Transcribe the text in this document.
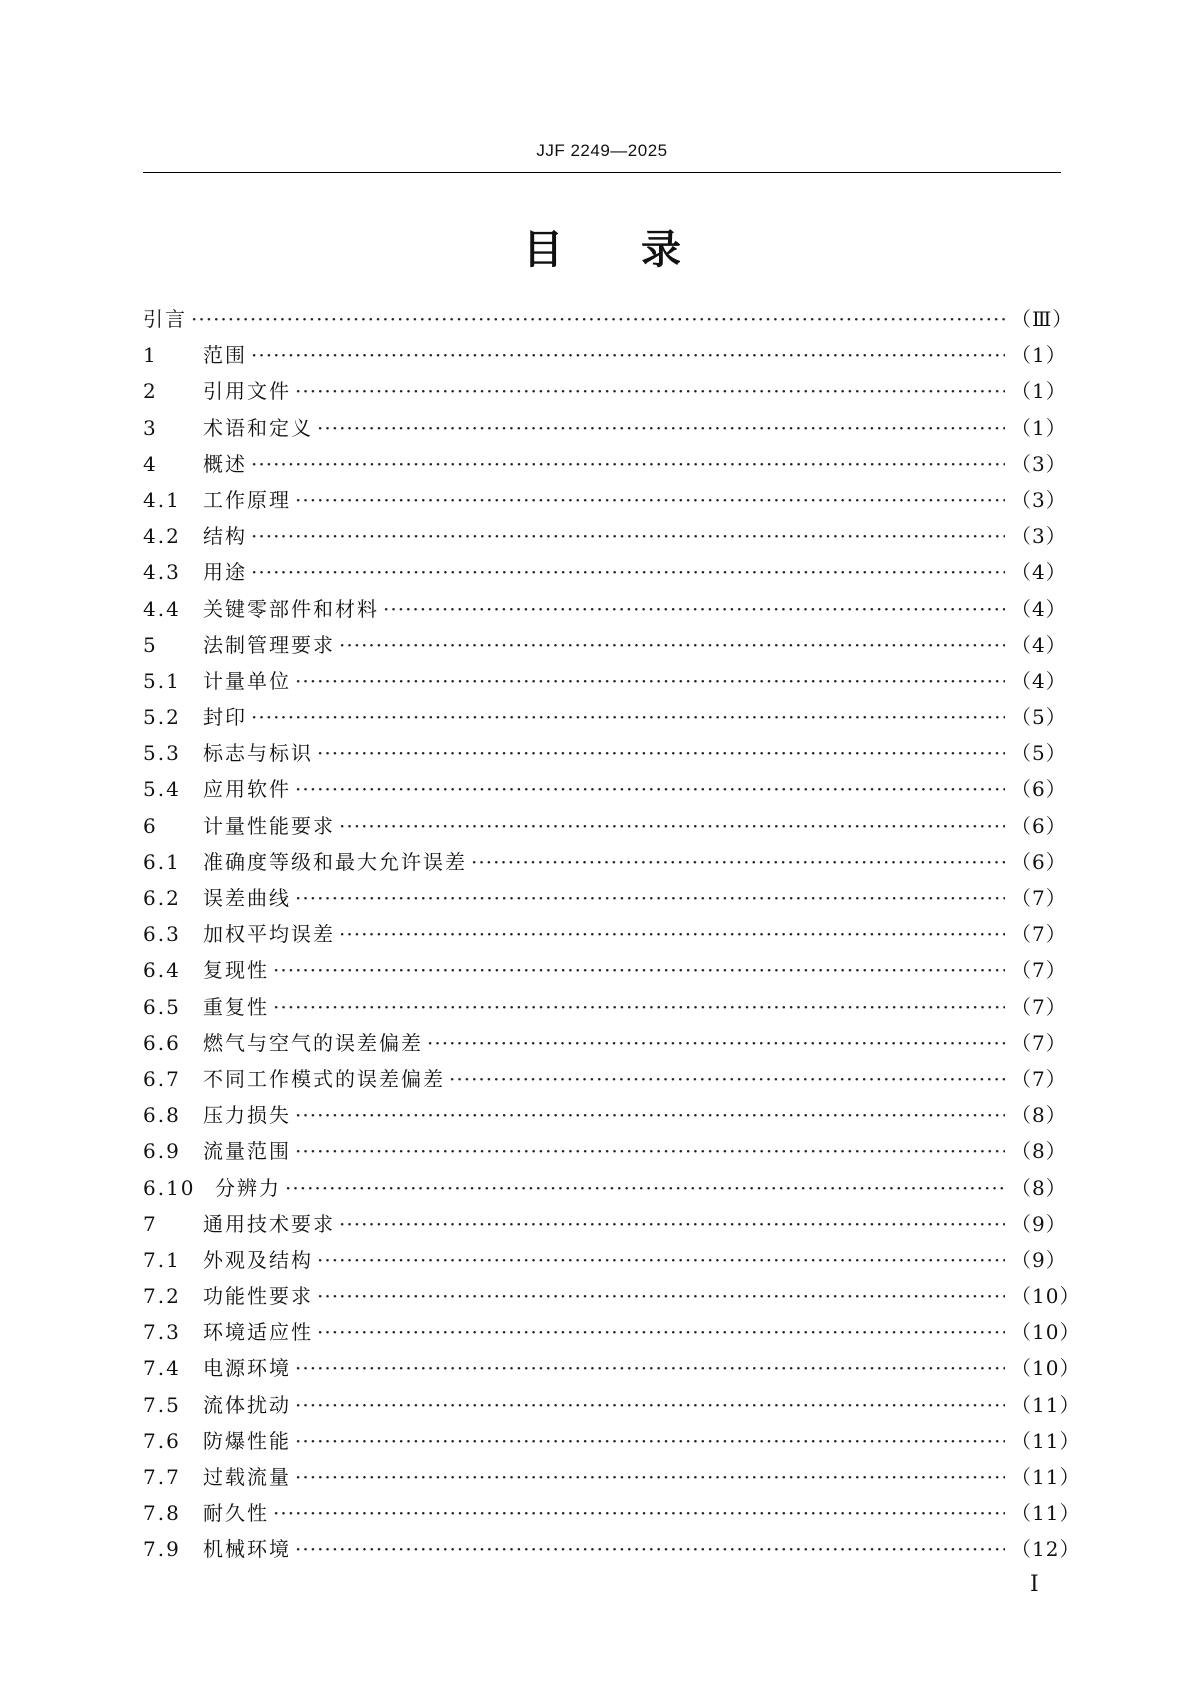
JJF 2249—2025
目 录
引言 ·····	（Ⅲ）
1	范围 ·····	（1）
2	引用文件 ·····	（1）
3	术语和定义 ·····	（1）
4	概述 ·····	（3）
4.1	工作原理 ·····	（3）
4.2	结构 ·····	（3）
4.3	用途 ·····	（4）
4.4	关键零部件和材料 ·····	（4）
5	法制管理要求 ·····	（4）
5.1	计量单位 ·····	（4）
5.2	封印 ·····	（5）
5.3	标志与标识 ·····	（5）
5.4	应用软件 ·····	（6）
6	计量性能要求 ·····	（6）
6.1	准确度等级和最大允许误差 ·····	（6）
6.2	误差曲线 ·····	（7）
6.3	加权平均误差 ·····	（7）
6.4	复现性 ·····	（7）
6.5	重复性 ·····	（7）
6.6	燃气与空气的误差偏差 ·····	（7）
6.7	不同工作模式的误差偏差 ·····	（7）
6.8	压力损失 ·····	（8）
6.9	流量范围 ·····	（8）
6.10 分辨力 ·····	（8）
7	通用技术要求 ·····	（9）
7.1	外观及结构 ·····	（9）
7.2	功能性要求 ·····	（10）
7.3	环境适应性 ·····	（10）
7.4	电源环境 ·····	（10）
7.5	流体扰动 ·····	（11）
7.6	防爆性能 ·····	（11）
7.7	过载流量 ·····	（11）
7.8	耐久性 ·····	（11）
7.9	机械环境 ·····	（12）
I
